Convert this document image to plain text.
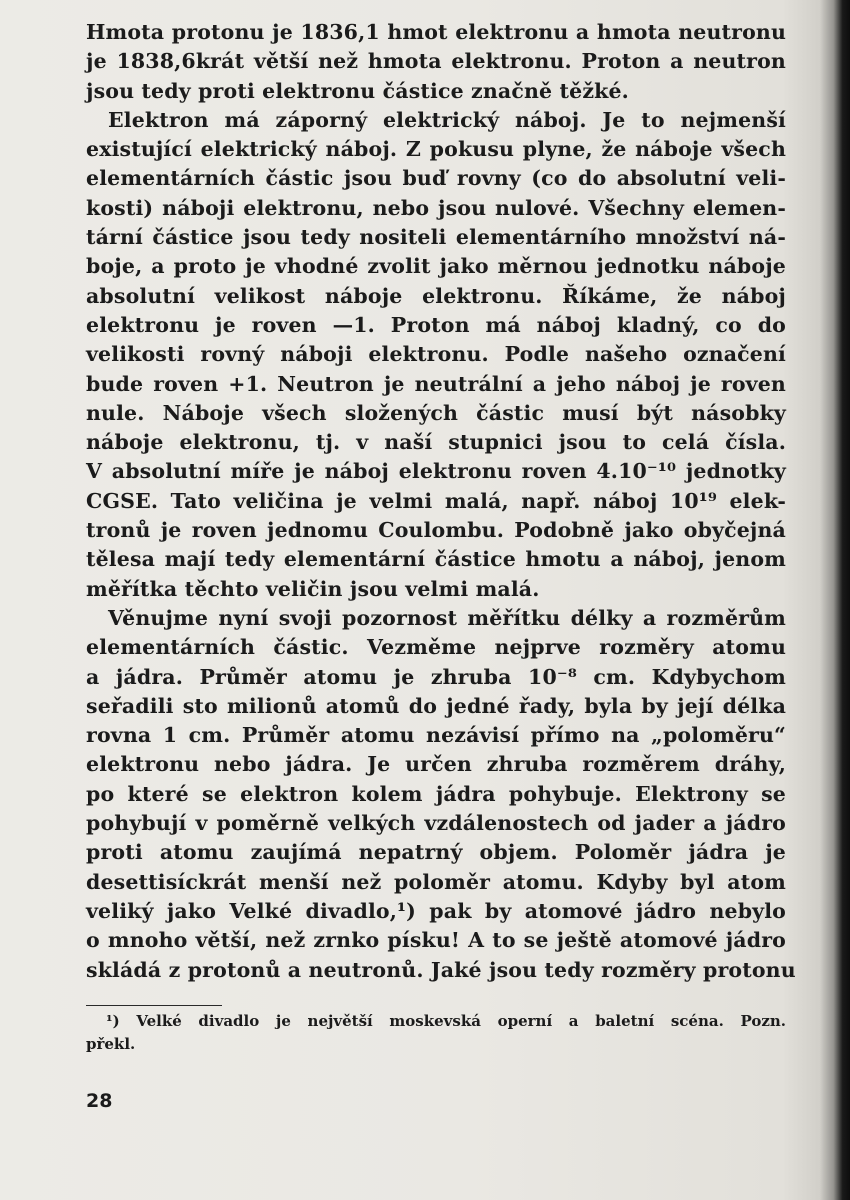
Hmota protonu je 1836,1 hmot elektronu a hmota neutronu
je 1838,6krát větší než hmota elektronu. Proton a neutron
jsou tedy proti elektronu částice značně těžké.
Elektron má záporný elektrický náboj. Je to nejmenší
existující elektrický náboj. Z pokusu plyne, že náboje všech
elementárních částic jsou buď rovny (co do absolutní veli-
kosti) náboji elektronu, nebo jsou nulové. Všechny elemen-
tární částice jsou tedy nositeli elementárního množství ná-
boje, a proto je vhodné zvolit jako měrnou jednotku náboje
absolutní velikost náboje elektronu. Říkáme, že náboj
elektronu je roven —1. Proton má náboj kladný, co do
velikosti rovný náboji elektronu. Podle našeho označení
bude roven +1. Neutron je neutrální a jeho náboj je roven
nule. Náboje všech složených částic musí být násobky
náboje elektronu, tj. v naší stupnici jsou to celá čísla.
V absolutní míře je náboj elektronu roven 4.10⁻¹⁰ jednotky
CGSE. Tato veličina je velmi malá, např. náboj 10¹⁹ elek-
tronů je roven jednomu Coulombu. Podobně jako obyčejná
tělesa mají tedy elementární částice hmotu a náboj, jenom
měřítka těchto veličin jsou velmi malá.
Věnujme nyní svoji pozornost měřítku délky a rozměrům
elementárních částic. Vezměme nejprve rozměry atomu
a jádra. Průměr atomu je zhruba 10⁻⁸ cm. Kdybychom
seřadili sto milionů atomů do jedné řady, byla by její délka
rovna 1 cm. Průměr atomu nezávisí přímo na „poloměru“
elektronu nebo jádra. Je určen zhruba rozměrem dráhy,
po které se elektron kolem jádra pohybuje. Elektrony se
pohybují v poměrně velkých vzdálenostech od jader a jádro
proti atomu zaujímá nepatrný objem. Poloměr jádra je
desettisíckrát menší než poloměr atomu. Kdyby byl atom
veliký jako Velké divadlo,¹) pak by atomové jádro nebylo
o mnoho větší, než zrnko písku! A to se ještě atomové jádro
skládá z protonů a neutronů. Jaké jsou tedy rozměry protonu

¹) Velké divadlo je největší moskevská operní a baletní scéna. Pozn.
překl.
28
